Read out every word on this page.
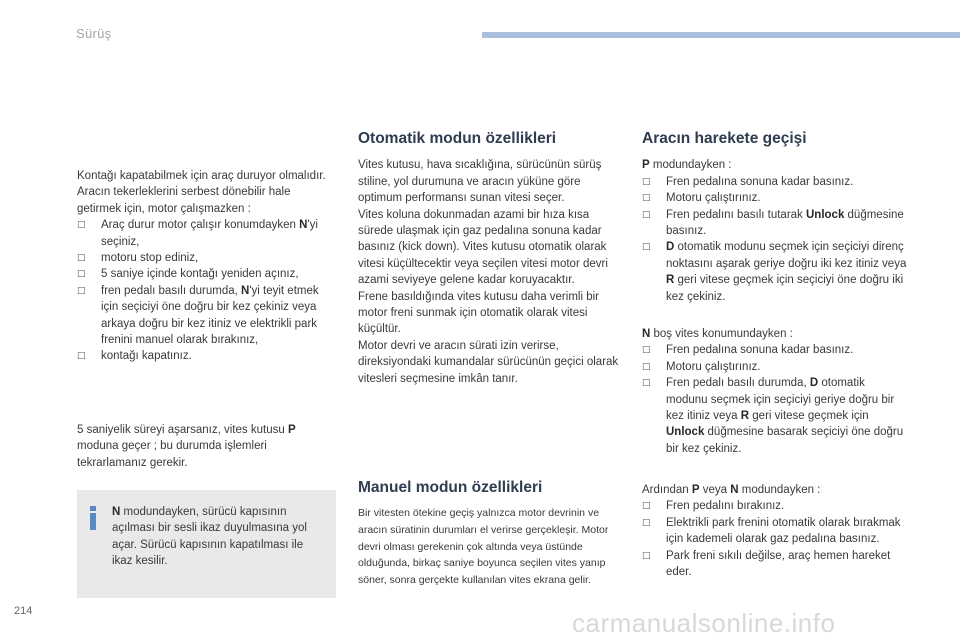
Sürüş

Kontağı kapatabilmek için araç duruyor olmalıdır.

Aracın tekerleklerini serbest dönebilir hale getirmek için, motor çalışmazken :

□ Araç durur motor çalışır konumdayken N'yi seçiniz,
□ motoru stop ediniz,
□ 5 saniye içinde kontağı yeniden açınız,
□ fren pedalı basılı durumda, N'yi teyit etmek için seçiciyi öne doğru bir kez çekiniz veya arkaya doğru bir kez itiniz ve elektrikli park frenini manuel olarak bırakınız,
□ kontağı kapatınız.

5 saniyelik süreyi aşarsanız, vites kutusu P moduna geçer ; bu durumda işlemleri tekrarlamanız gerekir.

N modundayken, sürücü kapısının açılması bir sesli ikaz duyulmasına yol açar. Sürücü kapısının kapatılması ile ikaz kesilir.
Otomatik modun özellikleri

Vites kutusu, hava sıcaklığına, sürücünün sürüş stiline, yol durumuna ve aracın yüküne göre optimum performansı sunan vitesi seçer.

Vites koluna dokunmadan azami bir hıza kısa sürede ulaşmak için gaz pedalına sonuna kadar basınız (kick down). Vites kutusu otomatik olarak vitesi küçültecektir veya seçilen vitesi motor devri azami seviyeye gelene kadar koruyacaktır.

Frene basıldığında vites kutusu daha verimli bir motor freni sunmak için otomatik olarak vitesi küçültür.

Motor devri ve aracın sürati izin verirse, direksiyondaki kumandalar sürücünün geçici olarak vitesleri seçmesine imkân tanır.

Manuel modun özellikleri

Bir vitesten ötekine geçiş yalnızca motor devrinin ve aracın süratinin durumları el verirse gerçekleşir. Motor devri olması gerekenin çok altında veya üstünde olduğunda, birkaç saniye boyunca seçilen vites yanıp söner, sonra gerçekte kullanılan vites ekrana gelir.

Aracın harekete geçişi

P modundayken :

□ Fren pedalına sonuna kadar basınız.
□ Motoru çalıştırınız.
□ Fren pedalını basılı tutarak Unlock düğmesine basınız.
□ D otomatik modunu seçmek için seçiciyi direnç noktasını aşarak geriye doğru iki kez itiniz veya R geri vitese geçmek için seçiciyi öne doğru iki kez çekiniz.

N boş vites konumundayken :

□ Fren pedalına sonuna kadar basınız.
□ Motoru çalıştırınız.
□ Fren pedalı basılı durumda, D otomatik modunu seçmek için seçiciyi geriye doğru bir kez itiniz veya R geri vitese geçmek için Unlock düğmesine basarak seçiciyi öne doğru bir kez çekiniz.

Ardından P veya N modundayken :

□ Fren pedalını bırakınız.
□ Elektrikli park frenini otomatik olarak bırakmak için kademeli olarak gaz pedalına basınız.
□ Park freni sıkılı değilse, araç hemen hareket eder.
214	carmanualsonline.info
